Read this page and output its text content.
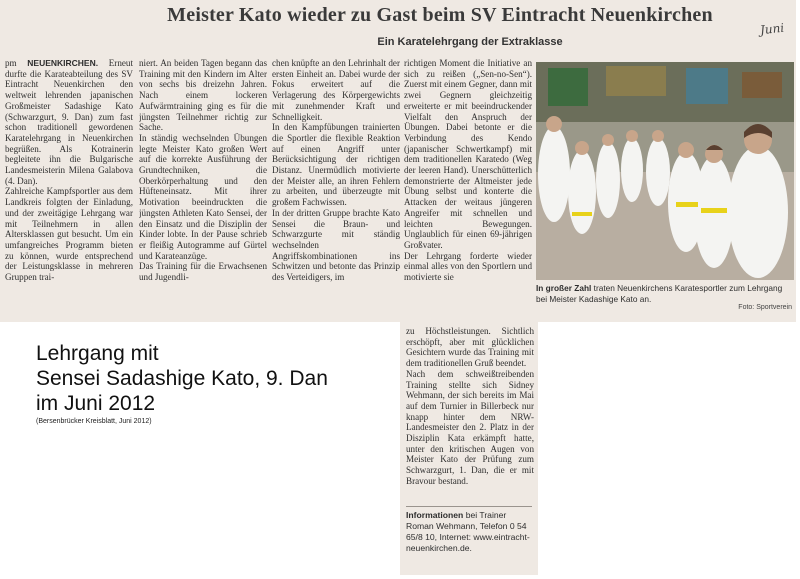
Meister Kato wieder zu Gast beim SV Eintracht Neuenkirchen
Juni
Ein Karatelehrgang der Extraklasse
pm NEUENKIRCHEN. Erneut durfte die Karateabteilung des SV Eintracht Neuenkirchen den weltweit lehrenden japanischen Großmeister Sadashige Kato (Schwarzgurt, 9. Dan) zum fast schon traditionell gewordenen Karatelehrgang in Neuenkirchen begrüßen. Als Kotrainerin begleitete ihn die Bulgarische Landesmeisterin Milena Galabova (4. Dan).
Zahlreiche Kampfsportler aus dem Landkreis folgten der Einladung, und der zweitägige Lehrgang war mit Teilnehmern in allen Altersklassen gut besucht. Um ein umfangreiches Programm bieten zu können, wurde entsprechend der Leistungsklasse in mehreren Gruppen trai-
niert. An beiden Tagen begann das Training mit den Kindern im Alter von sechs bis dreizehn Jahren. Nach einem lockeren Aufwärmtraining ging es für die jüngsten Teilnehmer richtig zur Sache.
In ständig wechselnden Übungen legte Meister Kato großen Wert auf die korrekte Ausführung der Grundtechniken, die Oberkörperhaltung und den Hüfteneinsatz. Mit ihrer Motivation beeindruckten die jüngsten Athleten Kato Sensei, der den Einsatz und die Disziplin der Kinder lobte. In der Pause schrieb er fleißig Autogramme auf Gürtel und Karateanzüge.
Das Training für die Erwachsenen und Jugendli-
chen knüpfte an den Lehrinhalt der ersten Einheit an. Dabei wurde der Fokus erweitert auf die Verlagerung des Körpergewichts mit zunehmender Kraft und Schnelligkeit.
In den Kampfübungen trainierten die Sportler die flexible Reaktion auf einen Angriff unter Berücksichtigung der richtigen Distanz. Unermüdlich motivierte der Meister alle, an ihren Fehlern zu arbeiten, und überzeugte mit großem Fachwissen.
In der dritten Gruppe brachte Kato Sensei die Braun- und Schwarzgurte mit ständig wechselnden Angriffskombinationen ins Schwitzen und betonte das Prinzip des Verteidigers, im
richtigen Moment die Initiative an sich zu reißen („Sen-no-Sen“). Zuerst mit einem Gegner, dann mit zwei Gegnern gleichzeitig erweiterte er mit beeindruckender Vielfalt den Anspruch der Übungen. Dabei betonte er die Verbindung des Kendo (japanischer Schwertkampf) mit dem traditionellen Karatedo (Weg der leeren Hand). Unerschütterlich demonstrierte der Altmeister jede Übung selbst und konterte die Attacken der weitaus jüngeren Angreifer mit schnellen und leichten Bewegungen. Unglaublich für einen 69-jährigen Großvater.
Der Lehrgang forderte wieder einmal alles von den Sportlern und motivierte sie
In großer Zahl traten Neuenkirchens Karatesportler zum Lehrgang bei Meister Kadashige Kato an.
Foto: Sportverein
zu Höchstleistungen. Sichtlich erschöpft, aber mit glücklichen Gesichtern wurde das Training mit dem traditionellen Gruß beendet.
Nach dem schweißtreibenden Training stellte sich Sidney Wehmann, der sich bereits im Mai auf dem Turnier in Billerbeck nur knapp hinter dem NRW-Landesmeister den 2. Platz in der Disziplin Kata erkämpft hatte, unter den kritischen Augen von Meister Kato der Prüfung zum Schwarzgurt, 1. Dan, die er mit Bravour bestand.
Informationen bei Trainer Roman Wehmann, Telefon 0 54 65/8 10, Internet: www.eintracht-neuenkirchen.de.
Lehrgang mit
Sensei Sadashige Kato, 9. Dan
im Juni 2012
(Bersenbrücker Kreisblatt, Juni 2012)
